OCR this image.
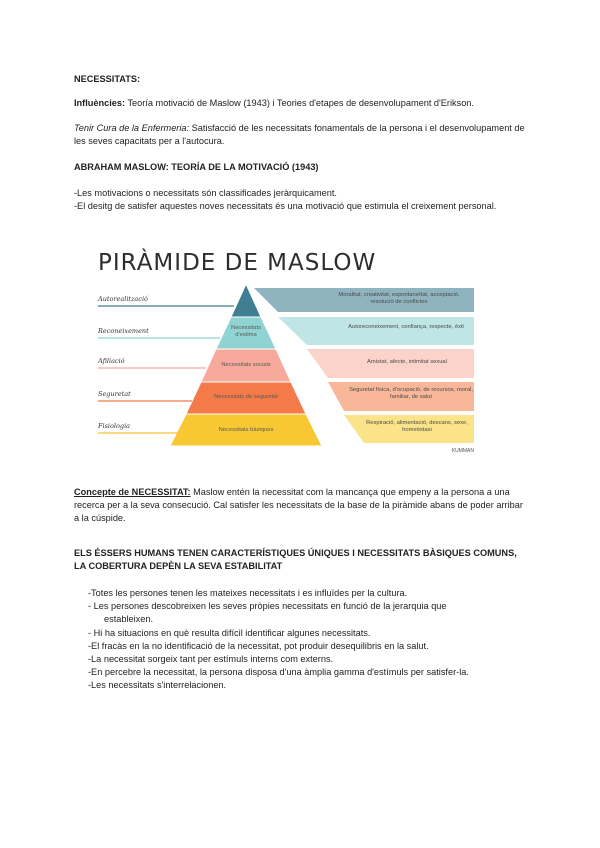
NECESSITATS:

Influències: Teoría motivació de Maslow (1943) i Teories d'etapes de desenvolupament d'Erikson.

Tenir Cura de la Enfermeria: Satisfacció de les necessitats fonamentals de la persona i el desenvolupament de les seves capacitats per a l'autocura.

ABRAHAM MASLOW: TEORÍA DE LA MOTIVACIÓ (1943)

-Les motivacions o necessitats són classificades jeràrquicament.

-El desitg de satisfer aquestes noves necessitats és una motivació que estimula el creixement personal.

PIRÀMIDE DE MASLOW
Autorealització
Reconeixement
Afiliació
Seguretat
Fisiologia
Necessitats d'estima
Necessitats socials
Necessitats de seguretat
Necessitats bàsiques
Moralitat, creativitat, espontaneïtat, acceptació, resolució de conflictes
Autoreconeixement, confiança, respecte, èxit
Amistat, afecte, intimitat sexual
Seguretat física, d'ocupació, de recursos, moral, familiar, de salut
Respiració, alimentació, descans, sexe, homeòstasi
KUMMAN

Concepte de NECESSITAT: Maslow entén la necessitat com la mancança que empeny a la persona a una recerca per a la seva consecució. Cal satisfer les necessitats de la base de la piràmide abans de poder arribar a la cúspide.

ELS ÉSSERS HUMANS TENEN CARACTERÍSTIQUES ÚNIQUES I NECESSITATS BÀSIQUES COMUNS, LA COBERTURA DEPÈN LA SEVA ESTABILITAT

-Totes les persones tenen les mateixes necessitats i es influïdes per la cultura.
- Les persones descobreixen les seves pròpies necessitats en funció de la jerarquia que
estableixen.
- Hi ha situacions en què resulta difícil identificar algunes necessitats.
-El fracàs en la no identificació de la necessitat, pot produir desequilibris en la salut.
-La necessitat sorgeix tant per estímuls interns com externs.
-En percebre la necessitat, la persona disposa d'una àmplia gamma d'estímuls per satisfer-la.
-Les necessitats s'interrelacionen.
